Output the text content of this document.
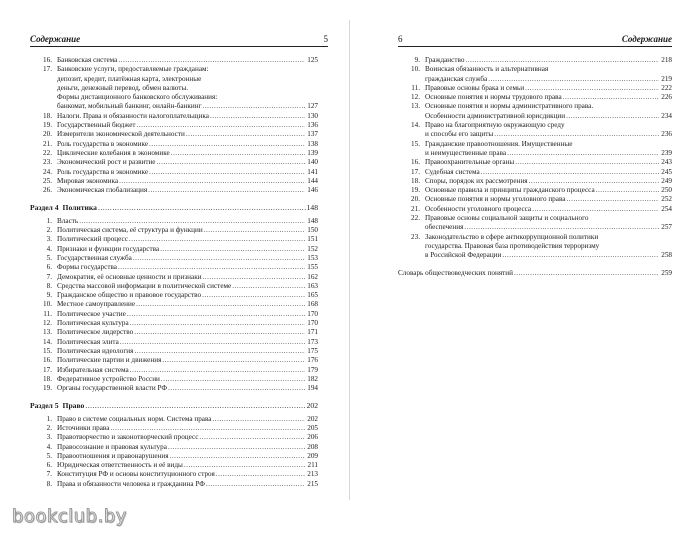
Содержание	5
16. Банковская система .....	125
17. Банковские услуги, предоставляемые гражданам:
депозит, кредит, платёжная карта, электронные
деньги, денежный перевод, обмен валюты.
Формы дистанционного банковского обслуживания:
банкомат, мобильный банкинг, онлайн-банкинг .....	127
18. Налоги. Права и обязанности налогоплательщика .....	130
19. Государственный бюджет .....	136
20. Измерители экономической деятельности .....	137
21. Роль государства в экономике .....	138
22. Циклические колебания в экономике .....	139
23. Экономический рост и развитие .....	140
24. Роль государства в экономике .....	141
25. Мировая экономика .....	144
26. Экономическая глобализация .....	146
Раздел 4 Политика .....	148
1. Власть .....	148
2. Политическая система, её структура и функции .....	150
3. Политический процесс .....	151
4. Признаки и функции государства .....	152
5. Государственная служба .....	153
6. Формы государства .....	155
7. Демократия, её основные ценности и признаки .....	162
8. Средства массовой информации в политической системе .....	163
9. Гражданское общество и правовое государство .....	165
10. Местное самоуправление .....	168
11. Политическое участие .....	170
12. Политическая культура .....	170
13. Политическое лидерство .....	171
14. Политическая элита .....	173
15. Политическая идеология .....	175
16. Политические партии и движения .....	176
17. Избирательная система .....	179
18. Федеративное устройство России .....	182
19. Органы государственной власти РФ .....	194
Раздел 5 Право .....	202
1. Право в системе социальных норм. Система права .....	202
2. Источники права .....	205
3. Правотворчество и законотворческий процесс .....	206
4. Правосознание и правовая культура .....	208
5. Правоотношения и правонарушения .....	209
6. Юридическая ответственность и её виды .....	211
7. Конституция РФ и основы конституционного строя .....	213
8. Права и обязанности человека и гражданина РФ .....	215
6	Содержание
9. Гражданство .....	218
10. Воинская обязанность и альтернативная
гражданская служба .....	219
11. Правовые основы брака и семьи .....	222
12. Основные понятия и нормы трудового права .....	226
13. Основные понятия и нормы административного права.
Особенности административной юрисдикции .....	234
14. Право на благоприятную окружающую среду
и способы его защиты .....	236
15. Гражданские правоотношения. Имущественные
и неимущественные права .....	239
16. Правоохранительные органы .....	243
17. Судебная система .....	245
18. Споры, порядок их рассмотрения .....	249
19. Основные правила и принципы гражданского процесса .....	250
20. Основные понятия и нормы уголовного права .....	252
21. Особенности уголовного процесса .....	254
22. Правовые основы социальной защиты и социального
обеспечения .....	257
23. Законодательство в сфере антикоррупционной политики
государства. Правовая база противодействия терроризму
в Российской Федерации .....	258
Словарь обществоведческих понятий .....	259
bookclub.by
